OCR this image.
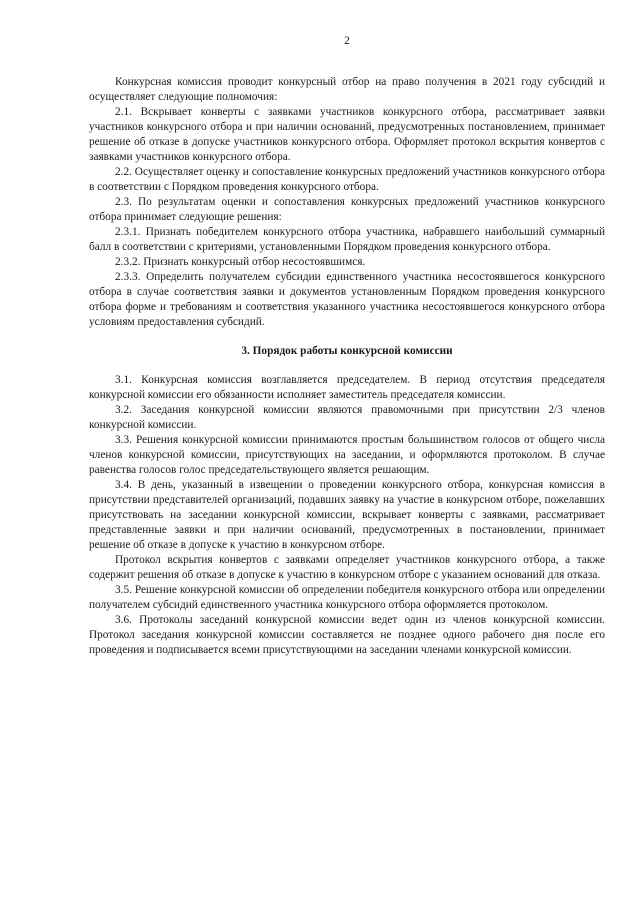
2

Конкурсная комиссия проводит конкурсный отбор на право получения в 2021 году субсидий и осуществляет следующие полномочия:

2.1. Вскрывает конверты с заявками участников конкурсного отбора, рассматривает заявки участников конкурсного отбора и при наличии оснований, предусмотренных постановлением, принимает решение об отказе в допуске участников конкурсного отбора. Оформляет протокол вскрытия конвертов с заявками участников конкурсного отбора.

2.2. Осуществляет оценку и сопоставление конкурсных предложений участников конкурсного отбора в соответствии с Порядком проведения конкурсного отбора.

2.3. По результатам оценки и сопоставления конкурсных предложений участников конкурсного отбора принимает следующие решения:

2.3.1. Признать победителем конкурсного отбора участника, набравшего наибольший суммарный балл в соответствии с критериями, установленными Порядком проведения конкурсного отбора.

2.3.2. Признать конкурсный отбор несостоявшимся.

2.3.3. Определить получателем субсидии единственного участника несостоявшегося конкурсного отбора в случае соответствия заявки и документов установленным Порядком проведения конкурсного отбора форме и требованиям и соответствия указанного участника несостоявшегося конкурсного отбора условиям предоставления субсидий.

3. Порядок работы конкурсной комиссии

3.1. Конкурсная комиссия возглавляется председателем. В период отсутствия председателя конкурсной комиссии его обязанности исполняет заместитель председателя комиссии.

3.2. Заседания конкурсной комиссии являются правомочными при присутствии 2/3 членов конкурсной комиссии.

3.3. Решения конкурсной комиссии принимаются простым большинством голосов от общего числа членов конкурсной комиссии, присутствующих на заседании, и оформляются протоколом. В случае равенства голосов голос председательствующего является решающим.

3.4. В день, указанный в извещении о проведении конкурсного отбора, конкурсная комиссия в присутствии представителей организаций, подавших заявку на участие в конкурсном отборе, пожелавших присутствовать на заседании конкурсной комиссии, вскрывает конверты с заявками, рассматривает представленные заявки и при наличии оснований, предусмотренных в постановлении, принимает решение об отказе в допуске к участию в конкурсном отборе.

Протокол вскрытия конвертов с заявками определяет участников конкурсного отбора, а также содержит решения об отказе в допуске к участию в конкурсном отборе с указанием оснований для отказа.

3.5. Решение конкурсной комиссии об определении победителя конкурсного отбора или определении получателем субсидий единственного участника конкурсного отбора оформляется протоколом.

3.6. Протоколы заседаний конкурсной комиссии ведет один из членов конкурсной комиссии. Протокол заседания конкурсной комиссии составляется не позднее одного рабочего дня после его проведения и подписывается всеми присутствующими на заседании членами конкурсной комиссии.
